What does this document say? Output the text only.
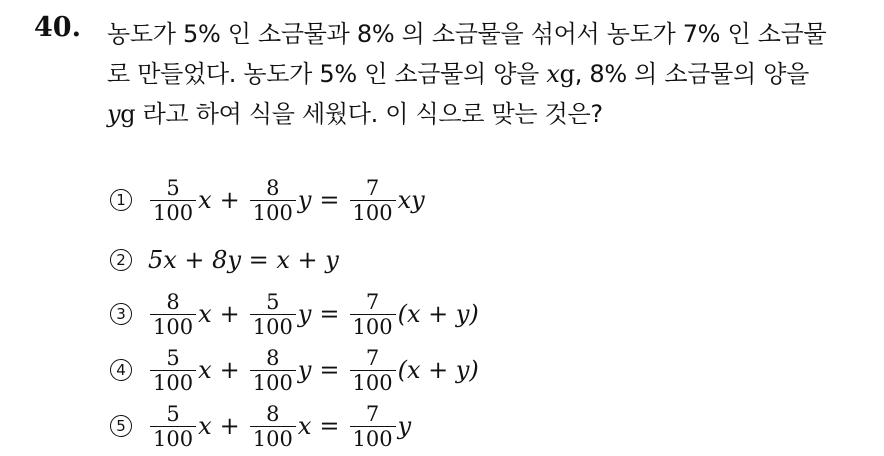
40. 농도가 5% 인 소금물과 8% 의 소금물을 섞어서 농도가 7% 인 소금물
로 만들었다. 농도가 5% 인 소금물의 양을 xg, 8% 의 소금물의 양을
yg 라고 하여 식을 세웠다. 이 식으로 맞는 것은?
$1 \frac{5}{100}$ $x + \frac{8}{100}$ $y = \frac{7}{100}$ xy
2 5x + 8y = x + y
$3 \frac{8}{100}$ $x + \frac{5}{100}$ $y = \frac{7}{100} (x + y)$
$4 \frac{5}{100}$ $x + \frac{8}{100}$ $y = \frac{7}{100} (x + y)$
$5 \frac{5}{100}$ $x + \frac{8}{100}$ $x = \frac{7}{100}$ y
